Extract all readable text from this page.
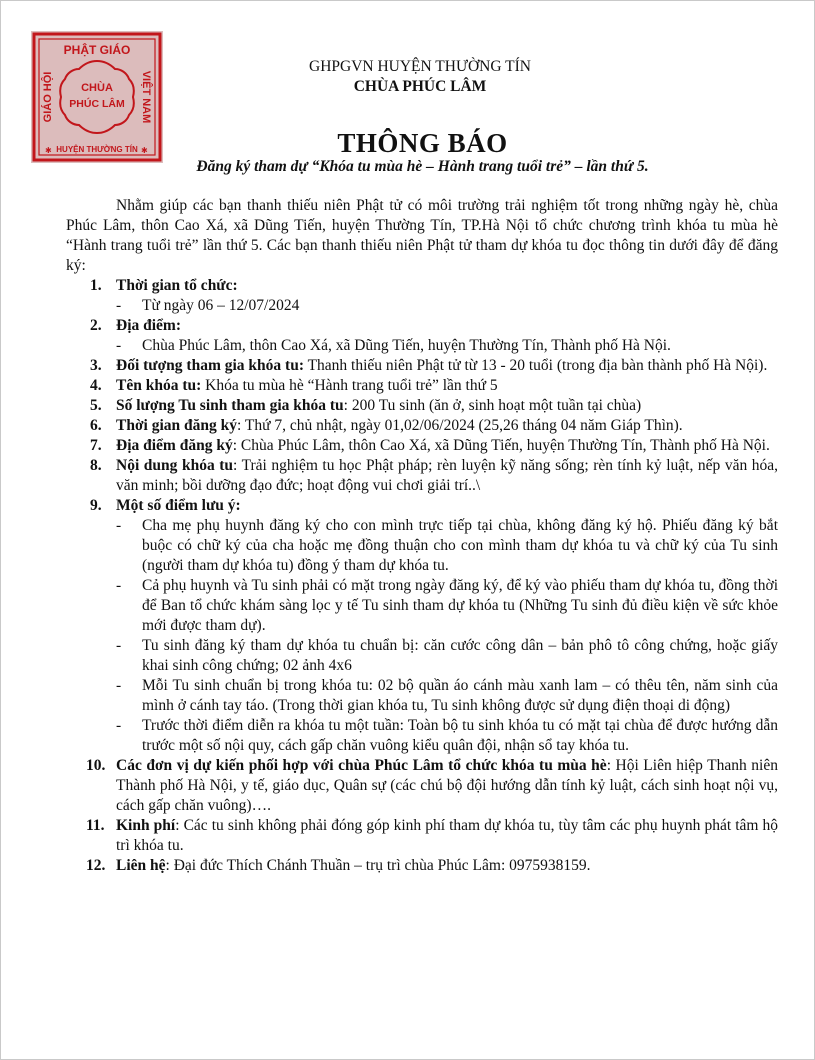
PHẬT GIÁO
CHÙA
PHÚC LÂM
HUYỆN THƯỜNG TÍN
GIÁO HỘI	VIỆT NAM
✱	✱
GHPGVN HUYỆN THƯỜNG TÍN
CHÙA PHÚC LÂM
THÔNG BÁO
Đăng ký tham dự “Khóa tu mùa hè – Hành trang tuổi trẻ” – lần thứ 5.

Nhằm giúp các bạn thanh thiếu niên Phật tử có môi trường trải nghiệm tốt trong những ngày hè, chùa Phúc Lâm, thôn Cao Xá, xã Dũng Tiến, huyện Thường Tín, TP.Hà Nội tổ chức chương trình khóa tu mùa hè “Hành trang tuổi trẻ” lần thứ 5. Các bạn thanh thiếu niên Phật tử tham dự khóa tu đọc thông tin dưới đây để đăng ký:

1. Thời gian tổ chức:

- Từ ngày 06 – 12/07/2024

2. Địa điểm:

- Chùa Phúc Lâm, thôn Cao Xá, xã Dũng Tiến, huyện Thường Tín, Thành phố Hà Nội.

3. Đối tượng tham gia khóa tu: Thanh thiếu niên Phật tử từ 13 - 20 tuổi (trong địa bàn thành phố Hà Nội).

4. Tên khóa tu: Khóa tu mùa hè “Hành trang tuổi trẻ” lần thứ 5

5. Số lượng Tu sinh tham gia khóa tu: 200 Tu sinh (ăn ở, sinh hoạt một tuần tại chùa)

6. Thời gian đăng ký: Thứ 7, chủ nhật, ngày 01,02/06/2024 (25,26 tháng 04 năm Giáp Thìn).

7. Địa điểm đăng ký: Chùa Phúc Lâm, thôn Cao Xá, xã Dũng Tiến, huyện Thường Tín, Thành phố Hà Nội.

8. Nội dung khóa tu: Trải nghiệm tu học Phật pháp; rèn luyện kỹ năng sống; rèn tính kỷ luật, nếp văn hóa, văn minh; bồi dưỡng đạo đức; hoạt động vui chơi giải trí..\

9. Một số điểm lưu ý:

- Cha mẹ phụ huynh đăng ký cho con mình trực tiếp tại chùa, không đăng ký hộ. Phiếu đăng ký bắt buộc có chữ ký của cha hoặc mẹ đồng thuận cho con mình tham dự khóa tu và chữ ký của Tu sinh (người tham dự khóa tu) đồng ý tham dự khóa tu.

- Cả phụ huynh và Tu sinh phải có mặt trong ngày đăng ký, để ký vào phiếu tham dự khóa tu, đồng thời để Ban tổ chức khám sàng lọc y tế Tu sinh tham dự khóa tu (Những Tu sinh đủ điều kiện về sức khỏe mới được tham dự).

- Tu sinh đăng ký tham dự khóa tu chuẩn bị: căn cước công dân – bản phô tô công chứng, hoặc giấy khai sinh công chứng; 02 ảnh 4x6

- Mỗi Tu sinh chuẩn bị trong khóa tu: 02 bộ quần áo cánh màu xanh lam – có thêu tên, năm sinh của mình ở cánh tay táo. (Trong thời gian khóa tu, Tu sinh không được sử dụng điện thoại di động)

- Trước thời điểm diễn ra khóa tu một tuần: Toàn bộ tu sinh khóa tu có mặt tại chùa để được hướng dẫn trước một số nội quy, cách gấp chăn vuông kiểu quân đội, nhận sổ tay khóa tu.

10. Các đơn vị dự kiến phối hợp với chùa Phúc Lâm tổ chức khóa tu mùa hè: Hội Liên hiệp Thanh niên Thành phố Hà Nội, y tế, giáo dục, Quân sự (các chú bộ đội hướng dẫn tính kỷ luật, cách sinh hoạt nội vụ, cách gấp chăn vuông)….

11. Kinh phí: Các tu sinh không phải đóng góp kinh phí tham dự khóa tu, tùy tâm các phụ huynh phát tâm hộ trì khóa tu.

12. Liên hệ: Đại đức Thích Chánh Thuần – trụ trì chùa Phúc Lâm: 0975938159.
